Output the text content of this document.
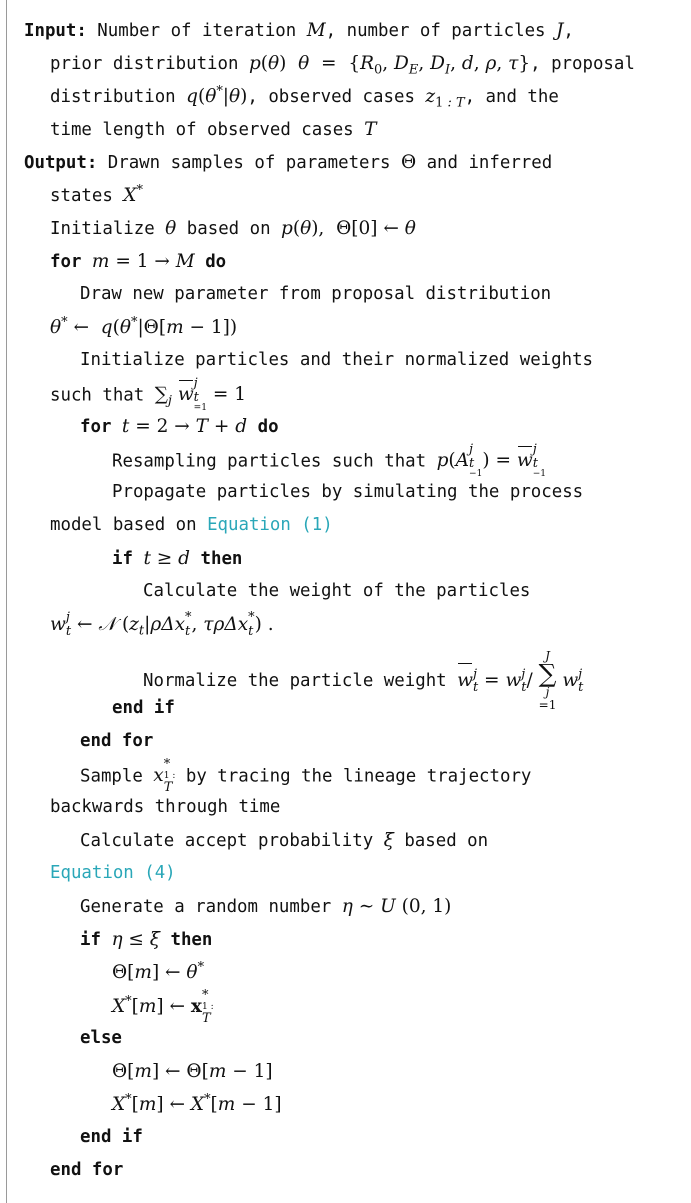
Input: Number of iteration M, number of particles J,
prior distribution p(θ)  $\theta = \{R_0$, $D_E$, $D_I$, d, ρ, τ}, proposal
distribution q(θ*|θ), observed cases $z_{1 : T}$, and the
time length of observed cases T
Output: Drawn samples of parameters Θ and inferred
states X*
Initialize θ based on p(θ),  Θ[0] ← θ
for m = 1 → M do
Draw new parameter from proposal distribution
θ* ←  q(θ*|Θ[m − 1])
Initialize particles and their normalized weights
such that $\sum_j$ w
j
t
=1
= 1
for t = 2 → T + d do
Resampling particles such that p(A
j
t
−1
) = w
j
t
−1
Propagate particles by simulating the process
model based on Equation (1)
if t ≥ d then
Calculate the weight of the particles
w j
t ← 𝒩 ($z_t|\rho\Delta x$ *
t , τρΔx *
t ) .
Normalize the particle weight w j
t = w j
t /
J
∑
j
=1
w j
t
end if
end for
Sample x
*
1 :
T
by tracing the lineage trajectory
backwards through time
Calculate accept probability ξ based on
Equation (4)
Generate a random number η ∼ U (0, 1)
if η ≤ ξ then
Θ[m] ← θ*
X*[m] ← x
*
1 :
T
else
Θ[m] ← Θ[m − 1]
X*[m] ← X*[m − 1]
end if
end for
